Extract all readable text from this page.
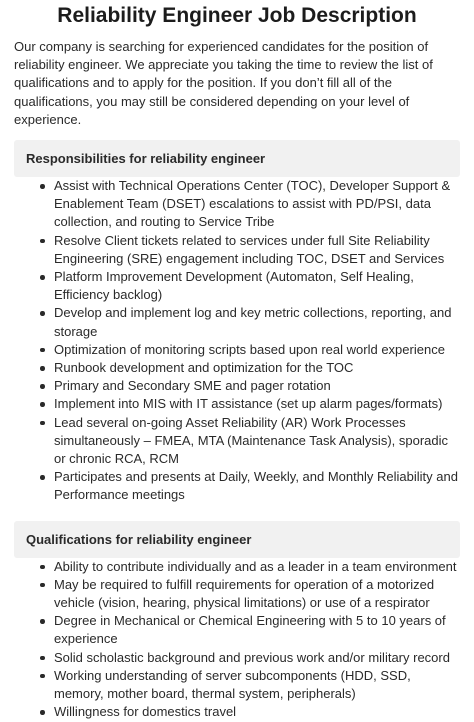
Reliability Engineer Job Description

Our company is searching for experienced candidates for the position of reliability engineer. We appreciate you taking the time to review the list of qualifications and to apply for the position. If you don’t fill all of the qualifications, you may still be considered depending on your level of experience.

Responsibilities for reliability engineer
Assist with Technical Operations Center (TOC), Developer Support & Enablement Team (DSET) escalations to assist with PD/PSI, data collection, and routing to Service Tribe
Resolve Client tickets related to services under full Site Reliability Engineering (SRE) engagement including TOC, DSET and Services
Platform Improvement Development (Automaton, Self Healing, Efficiency backlog)
Develop and implement log and key metric collections, reporting, and storage
Optimization of monitoring scripts based upon real world experience
Runbook development and optimization for the TOC
Primary and Secondary SME and pager rotation
Implement into MIS with IT assistance (set up alarm pages/formats)
Lead several on-going Asset Reliability (AR) Work Processes simultaneously – FMEA, MTA (Maintenance Task Analysis), sporadic or chronic RCA, RCM
Participates and presents at Daily, Weekly, and Monthly Reliability and Performance meetings
Qualifications for reliability engineer
Ability to contribute individually and as a leader in a team environment
May be required to fulfill requirements for operation of a motorized vehicle (vision, hearing, physical limitations) or use of a respirator
Degree in Mechanical or Chemical Engineering with 5 to 10 years of experience
Solid scholastic background and previous work and/or military record
Working understanding of server subcomponents (HDD, SSD, memory, mother board, thermal system, peripherals)
Willingness for domestics travel
